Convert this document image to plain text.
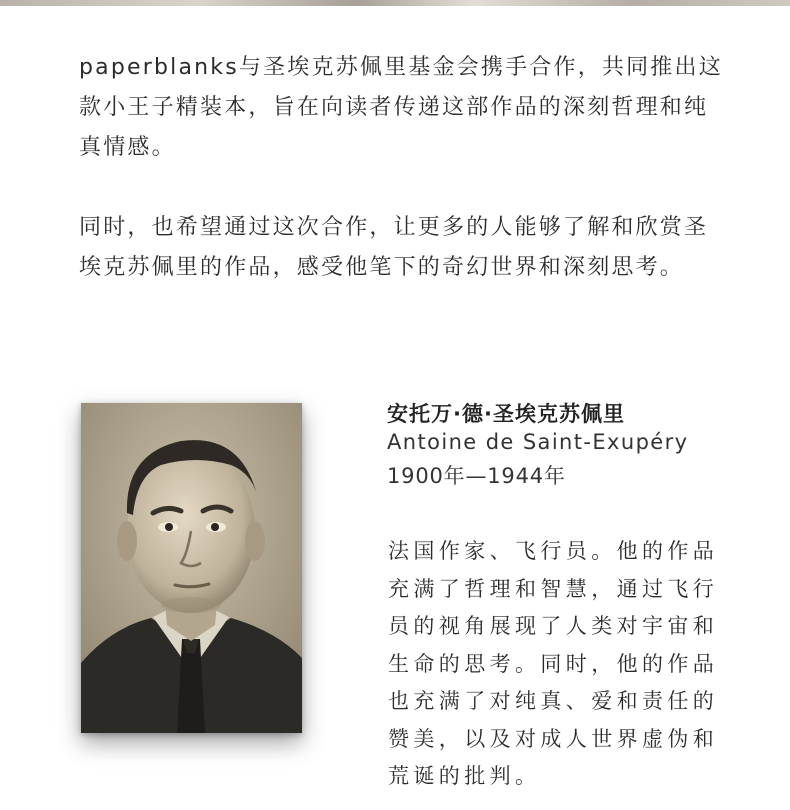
paperblanks与圣埃克苏佩里基金会携手合作，共同推出这款小王子精装本，旨在向读者传递这部作品的深刻哲理和纯真情感。

同时，也希望通过这次合作，让更多的人能够了解和欣赏圣埃克苏佩里的作品，感受他笔下的奇幻世界和深刻思考。

安托万·德·圣埃克苏佩里
Antoine de Saint-Exupéry
1900年—1944年
法国作家、飞行员。他的作品充满了哲理和智慧，通过飞行员的视角展现了人类对宇宙和生命的思考。同时，他的作品也充满了对纯真、爱和责任的赞美，以及对成人世界虚伪和荒诞的批判。
